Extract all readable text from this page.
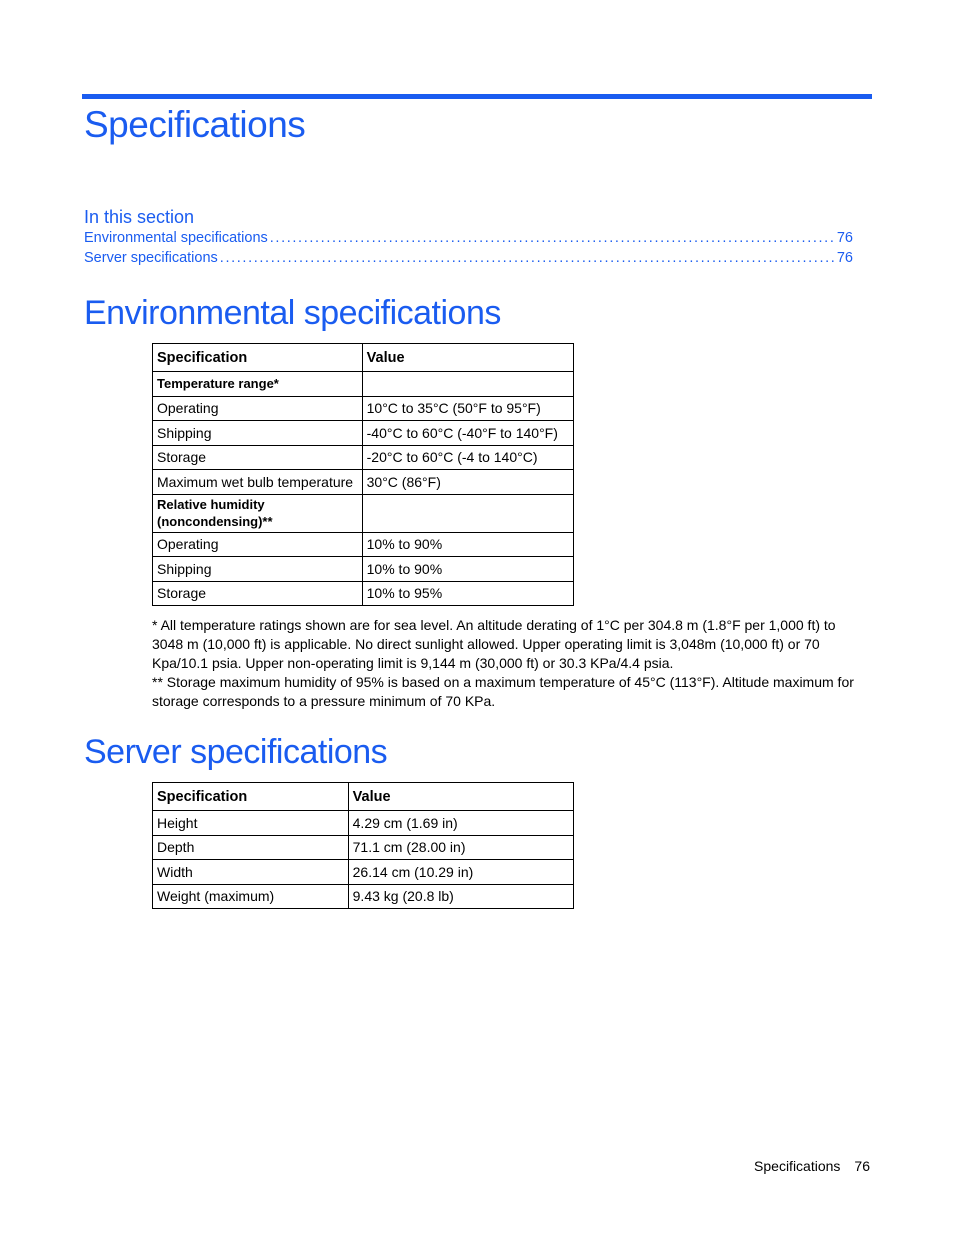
Specifications
In this section
Environmental specifications . . .	76
Server specifications . . .	76
Environmental specifications
Specification	Value
Temperature range*	
Operating	10°C to 35°C (50°F to 95°F)
Shipping	-40°C to 60°C (-40°F to 140°F)
Storage	-20°C to 60°C (-4 to 140°C)
Maximum wet bulb temperature	30°C (86°F)
Relative humidity (noncondensing)**	
Operating	10% to 90%
Shipping	10% to 90%
Storage	10% to 95%

* All temperature ratings shown are for sea level. An altitude derating of 1°C per 304.8 m (1.8°F per 1,000 ft) to 3048 m (10,000 ft) is applicable. No direct sunlight allowed. Upper operating limit is 3,048m (10,000 ft) or 70 Kpa/10.1 psia. Upper non-operating limit is 9,144 m (30,000 ft) or 30.3 KPa/4.4 psia.

** Storage maximum humidity of 95% is based on a maximum temperature of 45°C (113°F). Altitude maximum for storage corresponds to a pressure minimum of 70 KPa.

Server specifications
Specification	Value
Height	4.29 cm (1.69 in)
Depth	71.1 cm (28.00 in)
Width	26.14 cm (10.29 in)
Weight (maximum)	9.43 kg (20.8 lb)
Specifications 76
